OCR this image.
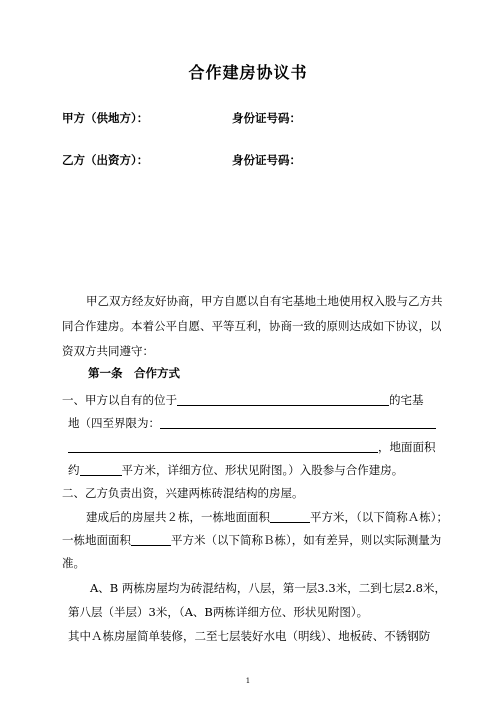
合作建房协议书
甲方（供地方）：	身份证号码：
乙方（出资方）：	身份证号码：
甲乙双方经友好协商，甲方自愿以自有宅基地土地使用权入股与乙方共
同合作建房。本着公平自愿、平等互利，协商一致的原则达成如下协议，以
资双方共同遵守：
第一条　合作方式
一、甲方以自有的位于	的宅基
地（四至界限为：
，地面面积
约	平方米，详细方位、形状见附图。）入股参与合作建房。
二、乙方负责出资，兴建两栋砖混结构的房屋。
建成后的房屋共２栋，一栋地面面积	平方米，（以下简称Ａ栋）；
一栋地面面积	平方米（以下简称Ｂ栋），如有差异，则以实际测量为
准。
A、B 两栋房屋均为砖混结构，八层，第一层3.3米，二到七层2.8米，
第八层（半层）3米，（A、B两栋详细方位、形状见附图）。
其中Ａ栋房屋简单装修，二至七层装好水电（明线）、地板砖、不锈钢防
1
